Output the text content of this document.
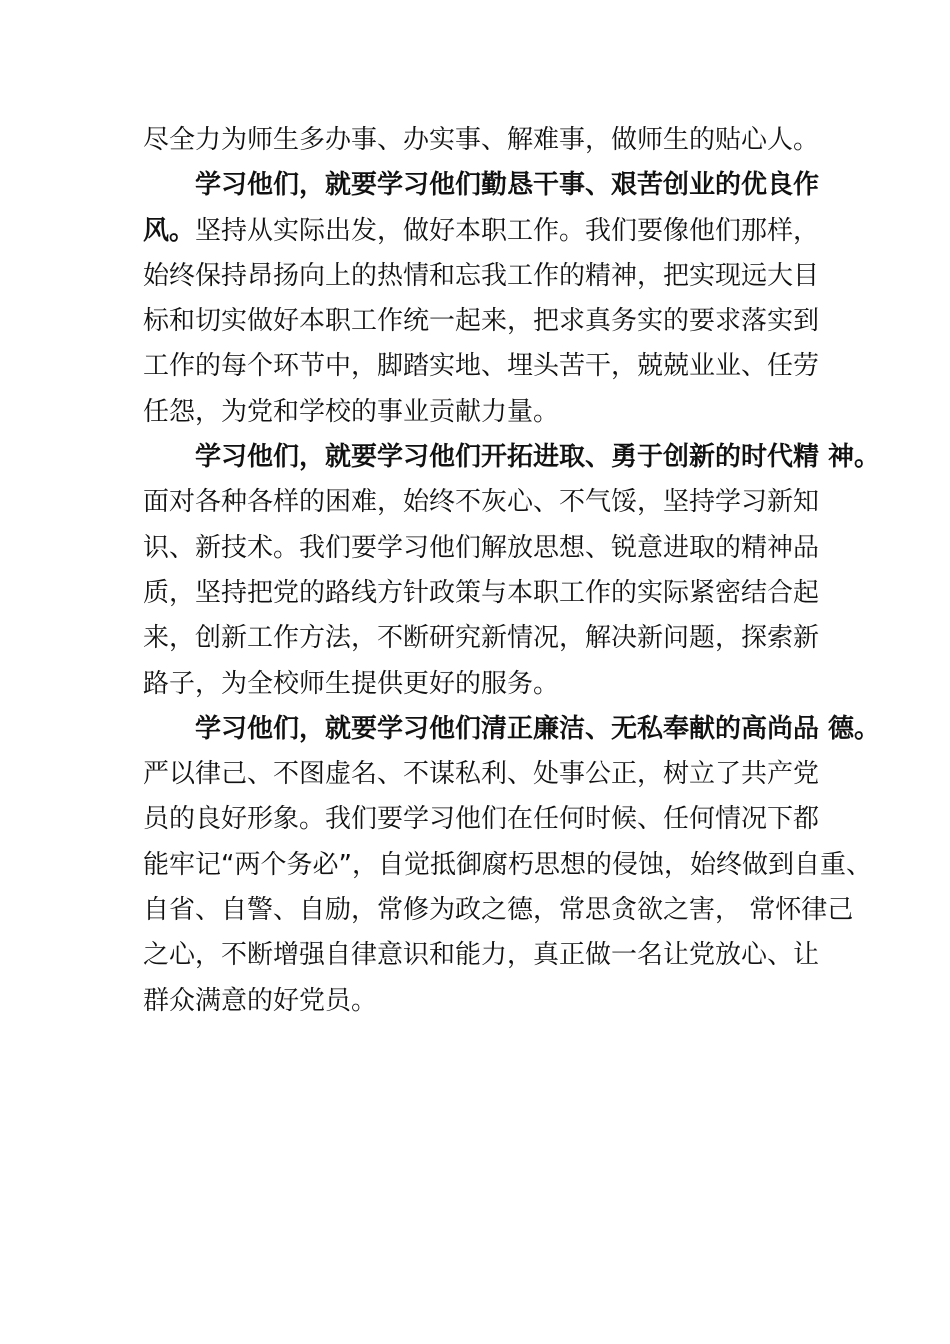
尽全力为师生多办事、办实事、解难事，做师生的贴心人。
学习他们，就要学习他们勤恳干事、艰苦创业的优良作
风。坚持从实际出发，做好本职工作。我们要像他们那样，
始终保持昂扬向上的热情和忘我工作的精神，把实现远大目
标和切实做好本职工作统一起来，把求真务实的要求落实到
工作的每个环节中，脚踏实地、埋头苦干，兢兢业业、任劳
任怨，为党和学校的事业贡献力量。
学习他们，就要学习他们开拓进取、勇于创新的时代精 神。
面对各种各样的困难，始终不灰心、不气馁，坚持学习新知
识、新技术。我们要学习他们解放思想、锐意进取的精神品
质，坚持把党的路线方针政策与本职工作的实际紧密结合起
来，创新工作方法，不断研究新情况，解决新问题，探索新
路子，为全校师生提供更好的服务。
学习他们，就要学习他们清正廉洁、无私奉献的高尚品 德。
严以律己、不图虚名、不谋私利、处事公正，树立了共产党
员的良好形象。我们要学习他们在任何时候、任何情况下都
能牢记“两个务必”，自觉抵御腐朽思想的侵蚀，始终做到自重、
自省、自警、自励，常修为政之德，常思贪欲之害， 常怀律己
之心，不断增强自律意识和能力，真正做一名让党放心、让
群众满意的好党员。
